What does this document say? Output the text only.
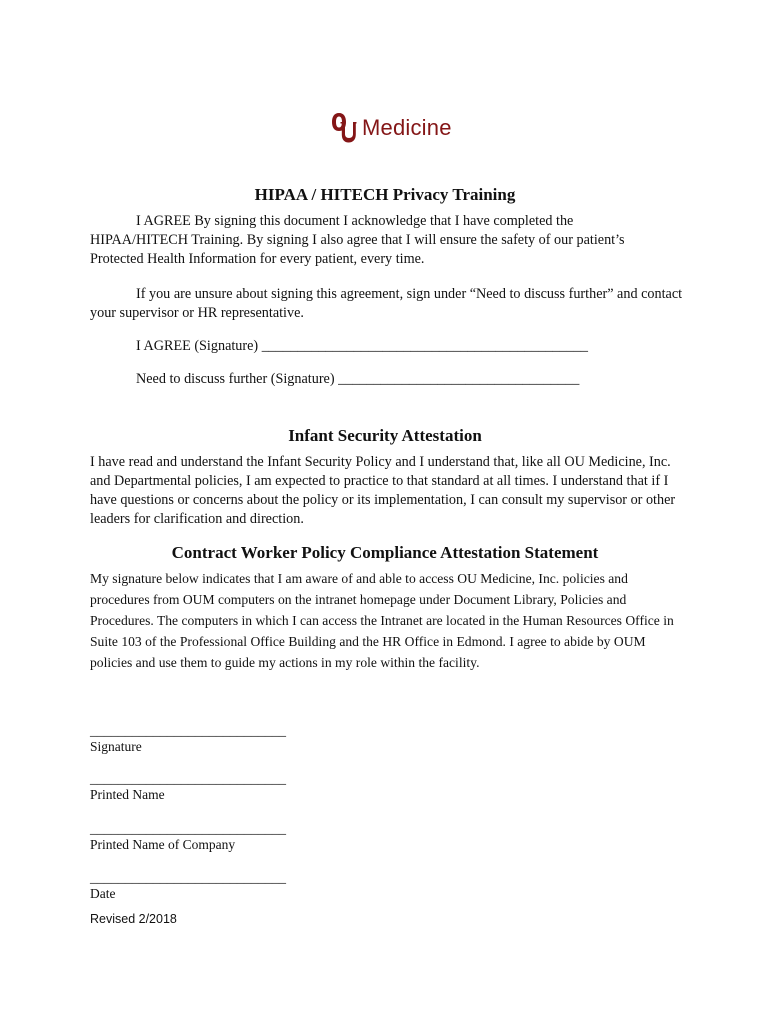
Medicine
HIPAA / HITECH Privacy Training

I AGREE By signing this document I acknowledge that I have completed the HIPAA/HITECH Training. By signing I also agree that I will ensure the safety of our patient’s Protected Health Information for every patient, every time.

If you are unsure about signing this agreement, sign under “Need to discuss further” and contact your supervisor or HR representative.

I AGREE (Signature) ______________________________________________
Need to discuss further (Signature) __________________________________
Infant Security Attestation

I have read and understand the Infant Security Policy and I understand that, like all OU Medicine, Inc. and Departmental policies, I am expected to practice to that standard at all times. I understand that if I have questions or concerns about the policy or its implementation, I can consult my supervisor or other leaders for clarification and direction.

Contract Worker Policy Compliance Attestation Statement

My signature below indicates that I am aware of and able to access OU Medicine, Inc. policies and procedures from OUM computers on the intranet homepage under Document Library, Policies and Procedures. The computers in which I can access the Intranet are located in the Human Resources Office in Suite 103 of the Professional Office Building and the HR Office in Edmond. I agree to abide by OUM policies and use them to guide my actions in my role within the facility.

____________________________
Signature
____________________________
Printed Name
____________________________
Printed Name of Company
____________________________
Date
Revised 2/2018
